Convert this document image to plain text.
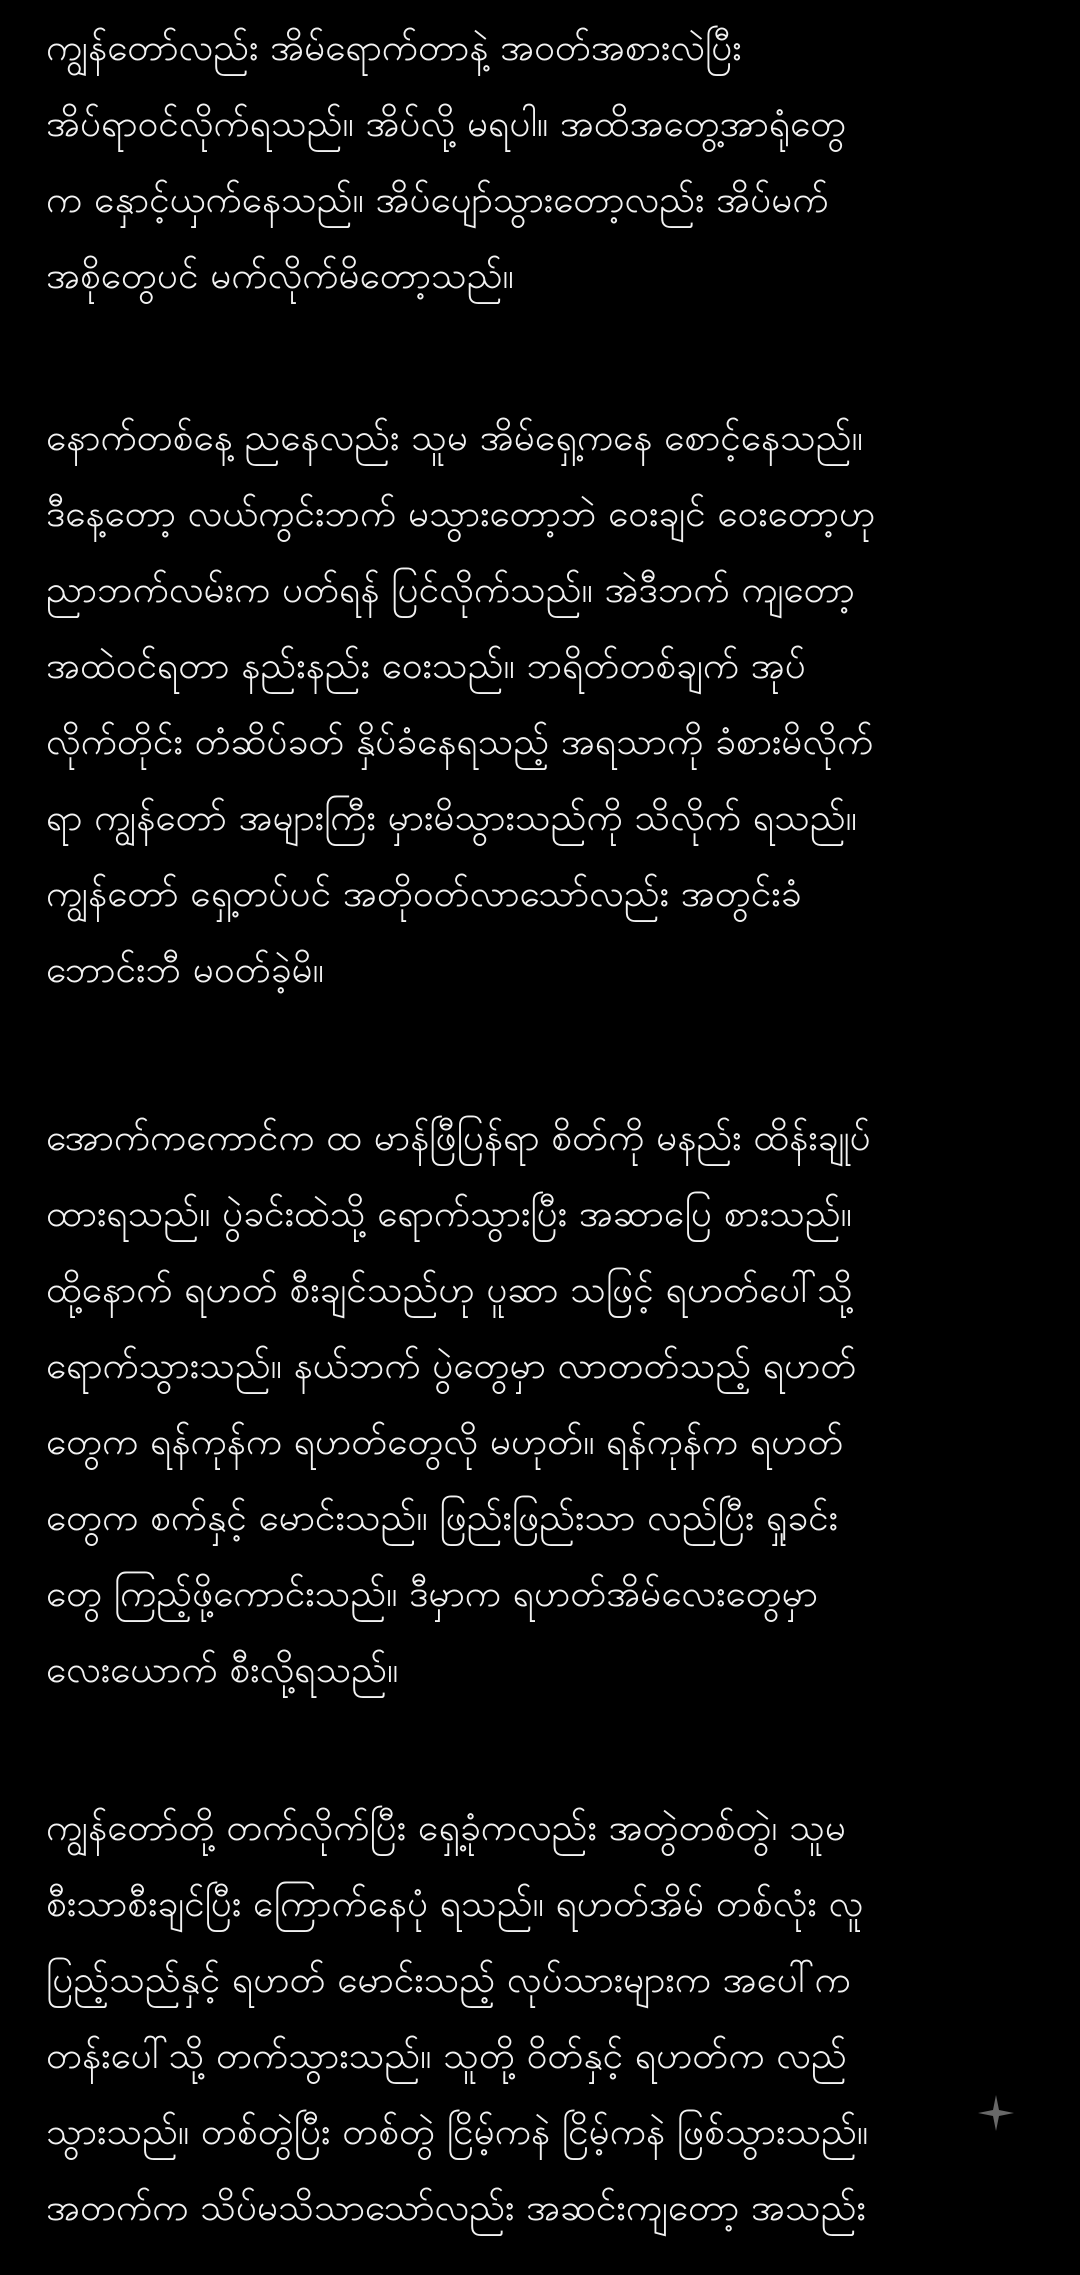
ကျွန်တော်လည်း အိမ်ရောက်တာနဲ့ အဝတ်အစားလဲပြီး
အိပ်ရာဝင်လိုက်ရသည်။ အိပ်လို့ မရပါ။ အထိအတွေ့အာရုံတွေ
က နှောင့်ယှက်နေသည်။ အိပ်ပျော်သွားတော့လည်း အိပ်မက်
အစိုတွေပင် မက်လိုက်မိတော့သည်။
နောက်တစ်နေ့ ညနေလည်း သူမ အိမ်ရှေ့ကနေ စောင့်နေသည်။
ဒီနေ့တော့ လယ်ကွင်းဘက် မသွားတော့ဘဲ ဝေးချင် ဝေးတော့ဟု
ညာဘက်လမ်းက ပတ်ရန် ပြင်လိုက်သည်။ အဲဒီဘက် ကျတော့
အထဲဝင်ရတာ နည်းနည်း ဝေးသည်။ ဘရိတ်တစ်ချက် အုပ်
လိုက်တိုင်း တံဆိပ်ခတ် နှိပ်ခံနေရသည့် အရသာကို ခံစားမိလိုက်
ရာ ကျွန်တော် အများကြီး မှားမိသွားသည်ကို သိလိုက် ရသည်။
ကျွန်တော် ရှေ့တပ်ပင် အတိုဝတ်လာသော်လည်း အတွင်းခံ
ဘောင်းဘီ မဝတ်ခဲ့မိ။
အောက်ကကောင်က ထ မာန်ဖြီပြန်ရာ စိတ်ကို မနည်း ထိန်းချုပ်
ထားရသည်။ ပွဲခင်းထဲသို့ ရောက်သွားပြီး အဆာပြေ စားသည်။
ထို့နောက် ရဟတ် စီးချင်သည်ဟု ပူဆာ သဖြင့် ရဟတ်ပေါ်သို့
ရောက်သွားသည်။ နယ်ဘက် ပွဲတွေမှာ လာတတ်သည့် ရဟတ်
တွေက ရန်ကုန်က ရဟတ်တွေလို မဟုတ်။ ရန်ကုန်က ရဟတ်
တွေက စက်နှင့် မောင်းသည်။ ဖြည်းဖြည်းသာ လည်ပြီး ရှုခင်း
တွေ ကြည့်ဖို့ကောင်းသည်။ ဒီမှာက ရဟတ်အိမ်လေးတွေမှာ
လေးယောက် စီးလို့ရသည်။
ကျွန်တော်တို့ တက်လိုက်ပြီး ရှေ့ခုံကလည်း အတွဲတစ်တွဲ၊ သူမ
စီးသာစီးချင်ပြီး ကြောက်နေပုံ ရသည်။ ရဟတ်အိမ် တစ်လုံး လူ
ပြည့်သည်နှင့် ရဟတ် မောင်းသည့် လုပ်သားများက အပေါ်က
တန်းပေါ်သို့ တက်သွားသည်။ သူတို့ ဝိတ်နှင့် ရဟတ်က လည်
သွားသည်။ တစ်တွဲပြီး တစ်တွဲ ငြိမ့်ကနဲ ငြိမ့်ကနဲ ဖြစ်သွားသည်။
အတက်က သိပ်မသိသာသော်လည်း အဆင်းကျတော့ အသည်း
